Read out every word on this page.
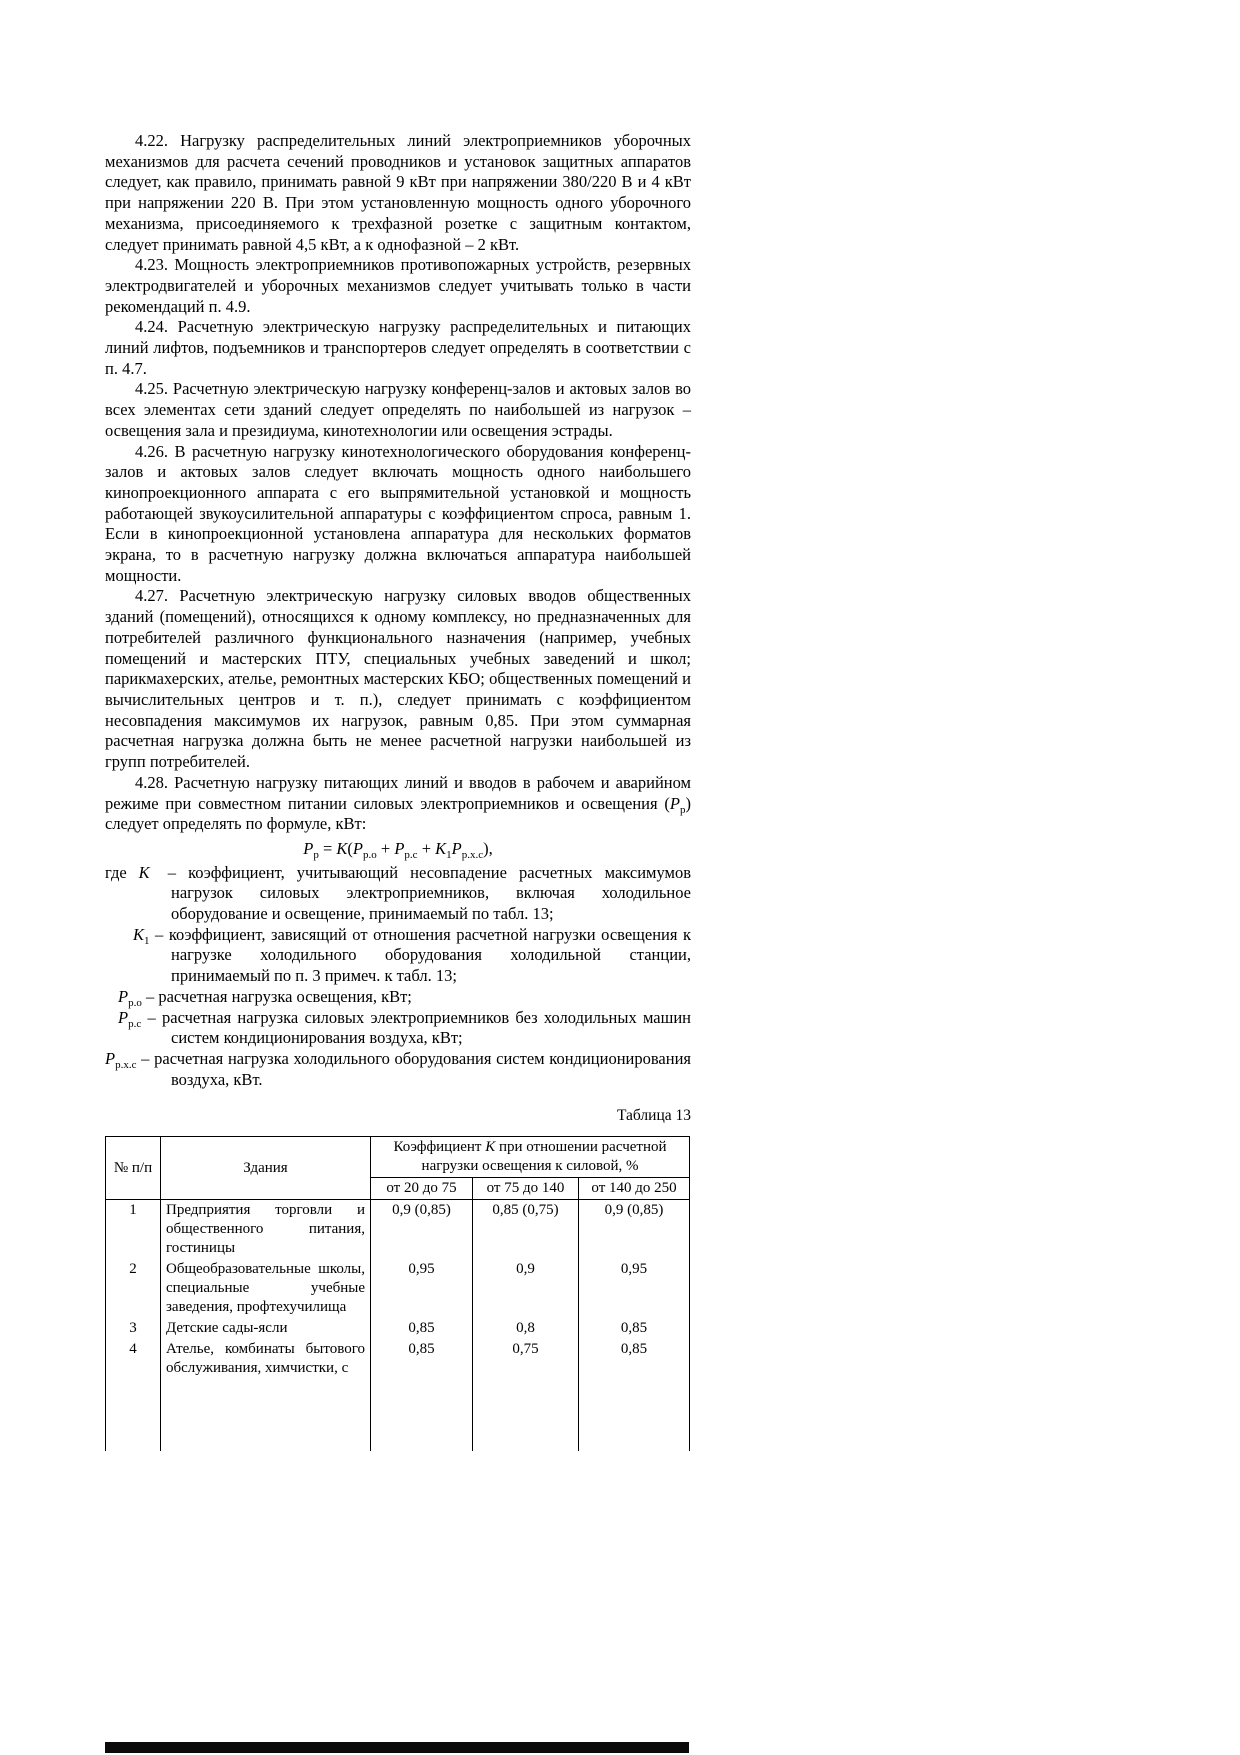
4.22. Нагрузку распределительных линий электроприемников уборочных механизмов для расчета сечений проводников и установок защитных аппаратов следует, как правило, принимать равной 9 кВт при напряжении 380/220 В и 4 кВт при напряжении 220 В. При этом установленную мощность одного уборочного механизма, присоединяемого к трехфазной розетке с защитным контактом, следует принимать равной 4,5 кВт, а к однофазной – 2 кВт.

4.23. Мощность электроприемников противопожарных устройств, резервных электродвигателей и уборочных механизмов следует учитывать только в части рекомендаций п. 4.9.

4.24. Расчетную электрическую нагрузку распределительных и питающих линий лифтов, подъемников и транспортеров следует определять в соответствии с п. 4.7.

4.25. Расчетную электрическую нагрузку конференц-залов и актовых залов во всех элементах сети зданий следует определять по наибольшей из нагрузок – освещения зала и президиума, кинотехнологии или освещения эстрады.

4.26. В расчетную нагрузку кинотехнологического оборудования конференц-залов и актовых залов следует включать мощность одного наибольшего кинопроекционного аппарата с его выпрямительной установкой и мощность работающей звукоусилительной аппаратуры с коэффициентом спроса, равным 1. Если в кинопроекционной установлена аппаратура для нескольких форматов экрана, то в расчетную нагрузку должна включаться аппаратура наибольшей мощности.

4.27. Расчетную электрическую нагрузку силовых вводов общественных зданий (помещений), относящихся к одному комплексу, но предназначенных для потребителей различного функционального назначения (например, учебных помещений и мастерских ПТУ, специальных учебных заведений и школ; парикмахерских, ателье, ремонтных мастерских КБО; общественных помещений и вычислительных центров и т. п.), следует принимать с коэффициентом несовпадения максимумов их нагрузок, равным 0,85. При этом суммарная расчетная нагрузка должна быть не менее расчетной нагрузки наибольшей из групп потребителей.

4.28. Расчетную нагрузку питающих линий и вводов в рабочем и аварийном режиме при совместном питании силовых электроприемников и освещения $(P_р)$ следует определять по формуле, кВт:

$P_р = K(P_{р.о} + P_{р.с} + K_1P_{р.х.с})$,

где K – коэффициент, учитывающий несовпадение расчетных максимумов нагрузок силовых электроприемников, включая холодильное оборудование и освещение, принимаемый по табл. 13;

$K_1$ – коэффициент, зависящий от отношения расчетной нагрузки освещения к нагрузке холодильного оборудования холодильной станции, принимаемый по п. 3 примеч. к табл. 13;

$P_{р.о}$ – расчетная нагрузка освещения, кВт;

$P_{р.с}$ – расчетная нагрузка силовых электроприемников без холодильных машин систем кондиционирования воздуха, кВт;

$P_{р.х.с}$ – расчетная нагрузка холодильного оборудования систем кондиционирования воздуха, кВт.

Таблица 13
№ п/п	Здания	Коэффициент К при отношении расчетной нагрузки освещения к силовой, %		
		от 20 до 75	от 75 до 140	от 140 до 250
1	Предприятия торговли и общественного питания, гостиницы	0,9 (0,85)	0,85 (0,75)	0,9 (0,85)
2	Общеобразовательные школы, специальные учебные заведения, профтехучилища	0,95	0,9	0,95
3	Детские сады-ясли	0,85	0,8	0,85
4	Ателье, комбинаты бытового обслуживания, химчистки, с	0,85	0,75	0,85
